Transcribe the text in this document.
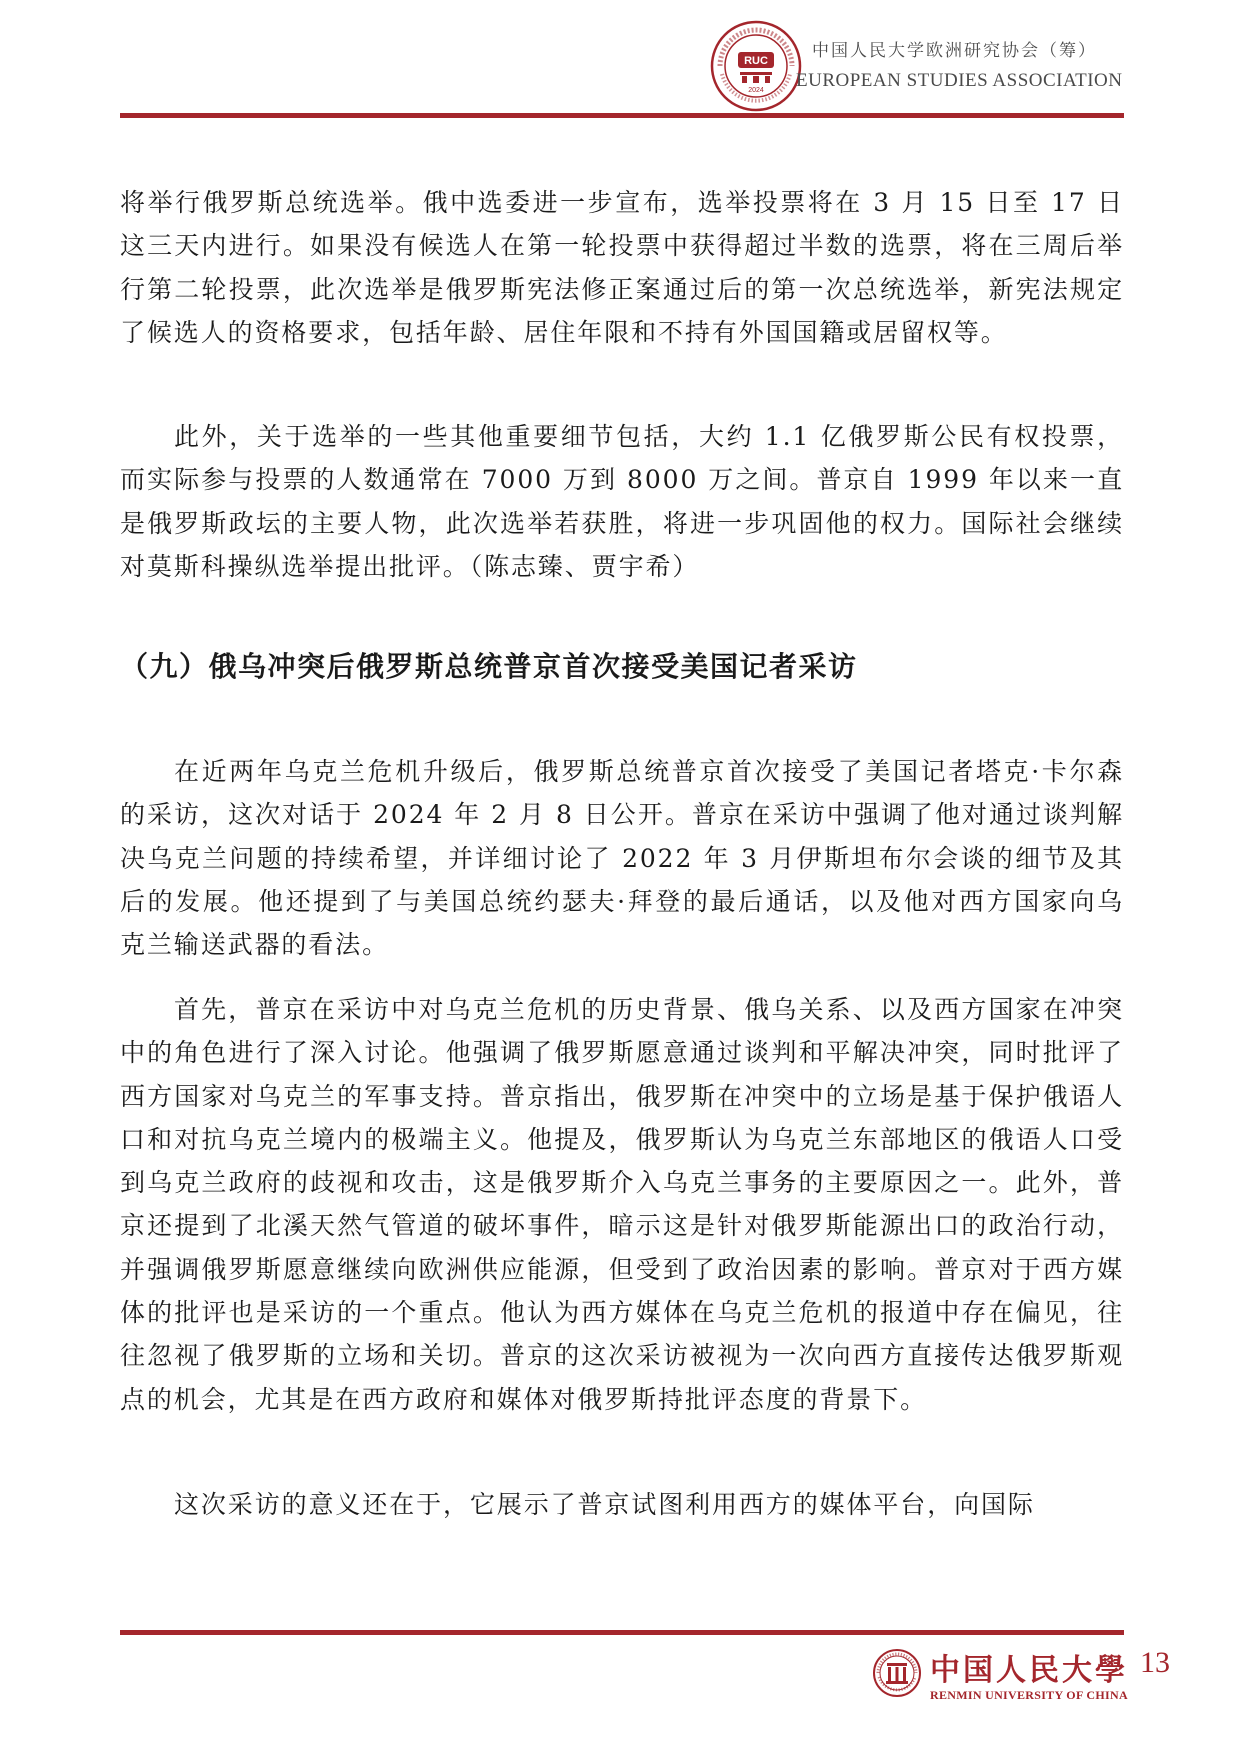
RUC
2024
中国人民大学欧洲研究协会（筹）
EUROPEAN STUDIES ASSOCIATION

将举行俄罗斯总统选举。俄中选委进一步宣布，选举投票将在 3 月 15 日至 17 日这三天内进行。如果没有候选人在第一轮投票中获得超过半数的选票，将在三周后举行第二轮投票，此次选举是俄罗斯宪法修正案通过后的第一次总统选举，新宪法规定了候选人的资格要求，包括年龄、居住年限和不持有外国国籍或居留权等。

此外，关于选举的一些其他重要细节包括，大约 1.1 亿俄罗斯公民有权投票，而实际参与投票的人数通常在 7000 万到 8000 万之间。普京自 1999 年以来一直是俄罗斯政坛的主要人物，此次选举若获胜，将进一步巩固他的权力。国际社会继续对莫斯科操纵选举提出批评。（陈志臻、贾宇希）

（九）俄乌冲突后俄罗斯总统普京首次接受美国记者采访

在近两年乌克兰危机升级后，俄罗斯总统普京首次接受了美国记者塔克·卡尔森的采访，这次对话于 2024 年 2 月 8 日公开。普京在采访中强调了他对通过谈判解决乌克兰问题的持续希望，并详细讨论了 2022 年 3 月伊斯坦布尔会谈的细节及其后的发展。他还提到了与美国总统约瑟夫·拜登的最后通话，以及他对西方国家向乌克兰输送武器的看法。

首先，普京在采访中对乌克兰危机的历史背景、俄乌关系、以及西方国家在冲突中的角色进行了深入讨论。他强调了俄罗斯愿意通过谈判和平解决冲突，同时批评了西方国家对乌克兰的军事支持。普京指出，俄罗斯在冲突中的立场是基于保护俄语人口和对抗乌克兰境内的极端主义。他提及，俄罗斯认为乌克兰东部地区的俄语人口受到乌克兰政府的歧视和攻击，这是俄罗斯介入乌克兰事务的主要原因之一。此外，普京还提到了北溪天然气管道的破坏事件，暗示这是针对俄罗斯能源出口的政治行动，并强调俄罗斯愿意继续向欧洲供应能源，但受到了政治因素的影响。普京对于西方媒体的批评也是采访的一个重点。他认为西方媒体在乌克兰危机的报道中存在偏见，往往忽视了俄罗斯的立场和关切。普京的这次采访被视为一次向西方直接传达俄罗斯观点的机会，尤其是在西方政府和媒体对俄罗斯持批评态度的背景下。

这次采访的意义还在于，它展示了普京试图利用西方的媒体平台，向国际

中国人民大學
RENMIN UNIVERSITY OF CHINA
13
